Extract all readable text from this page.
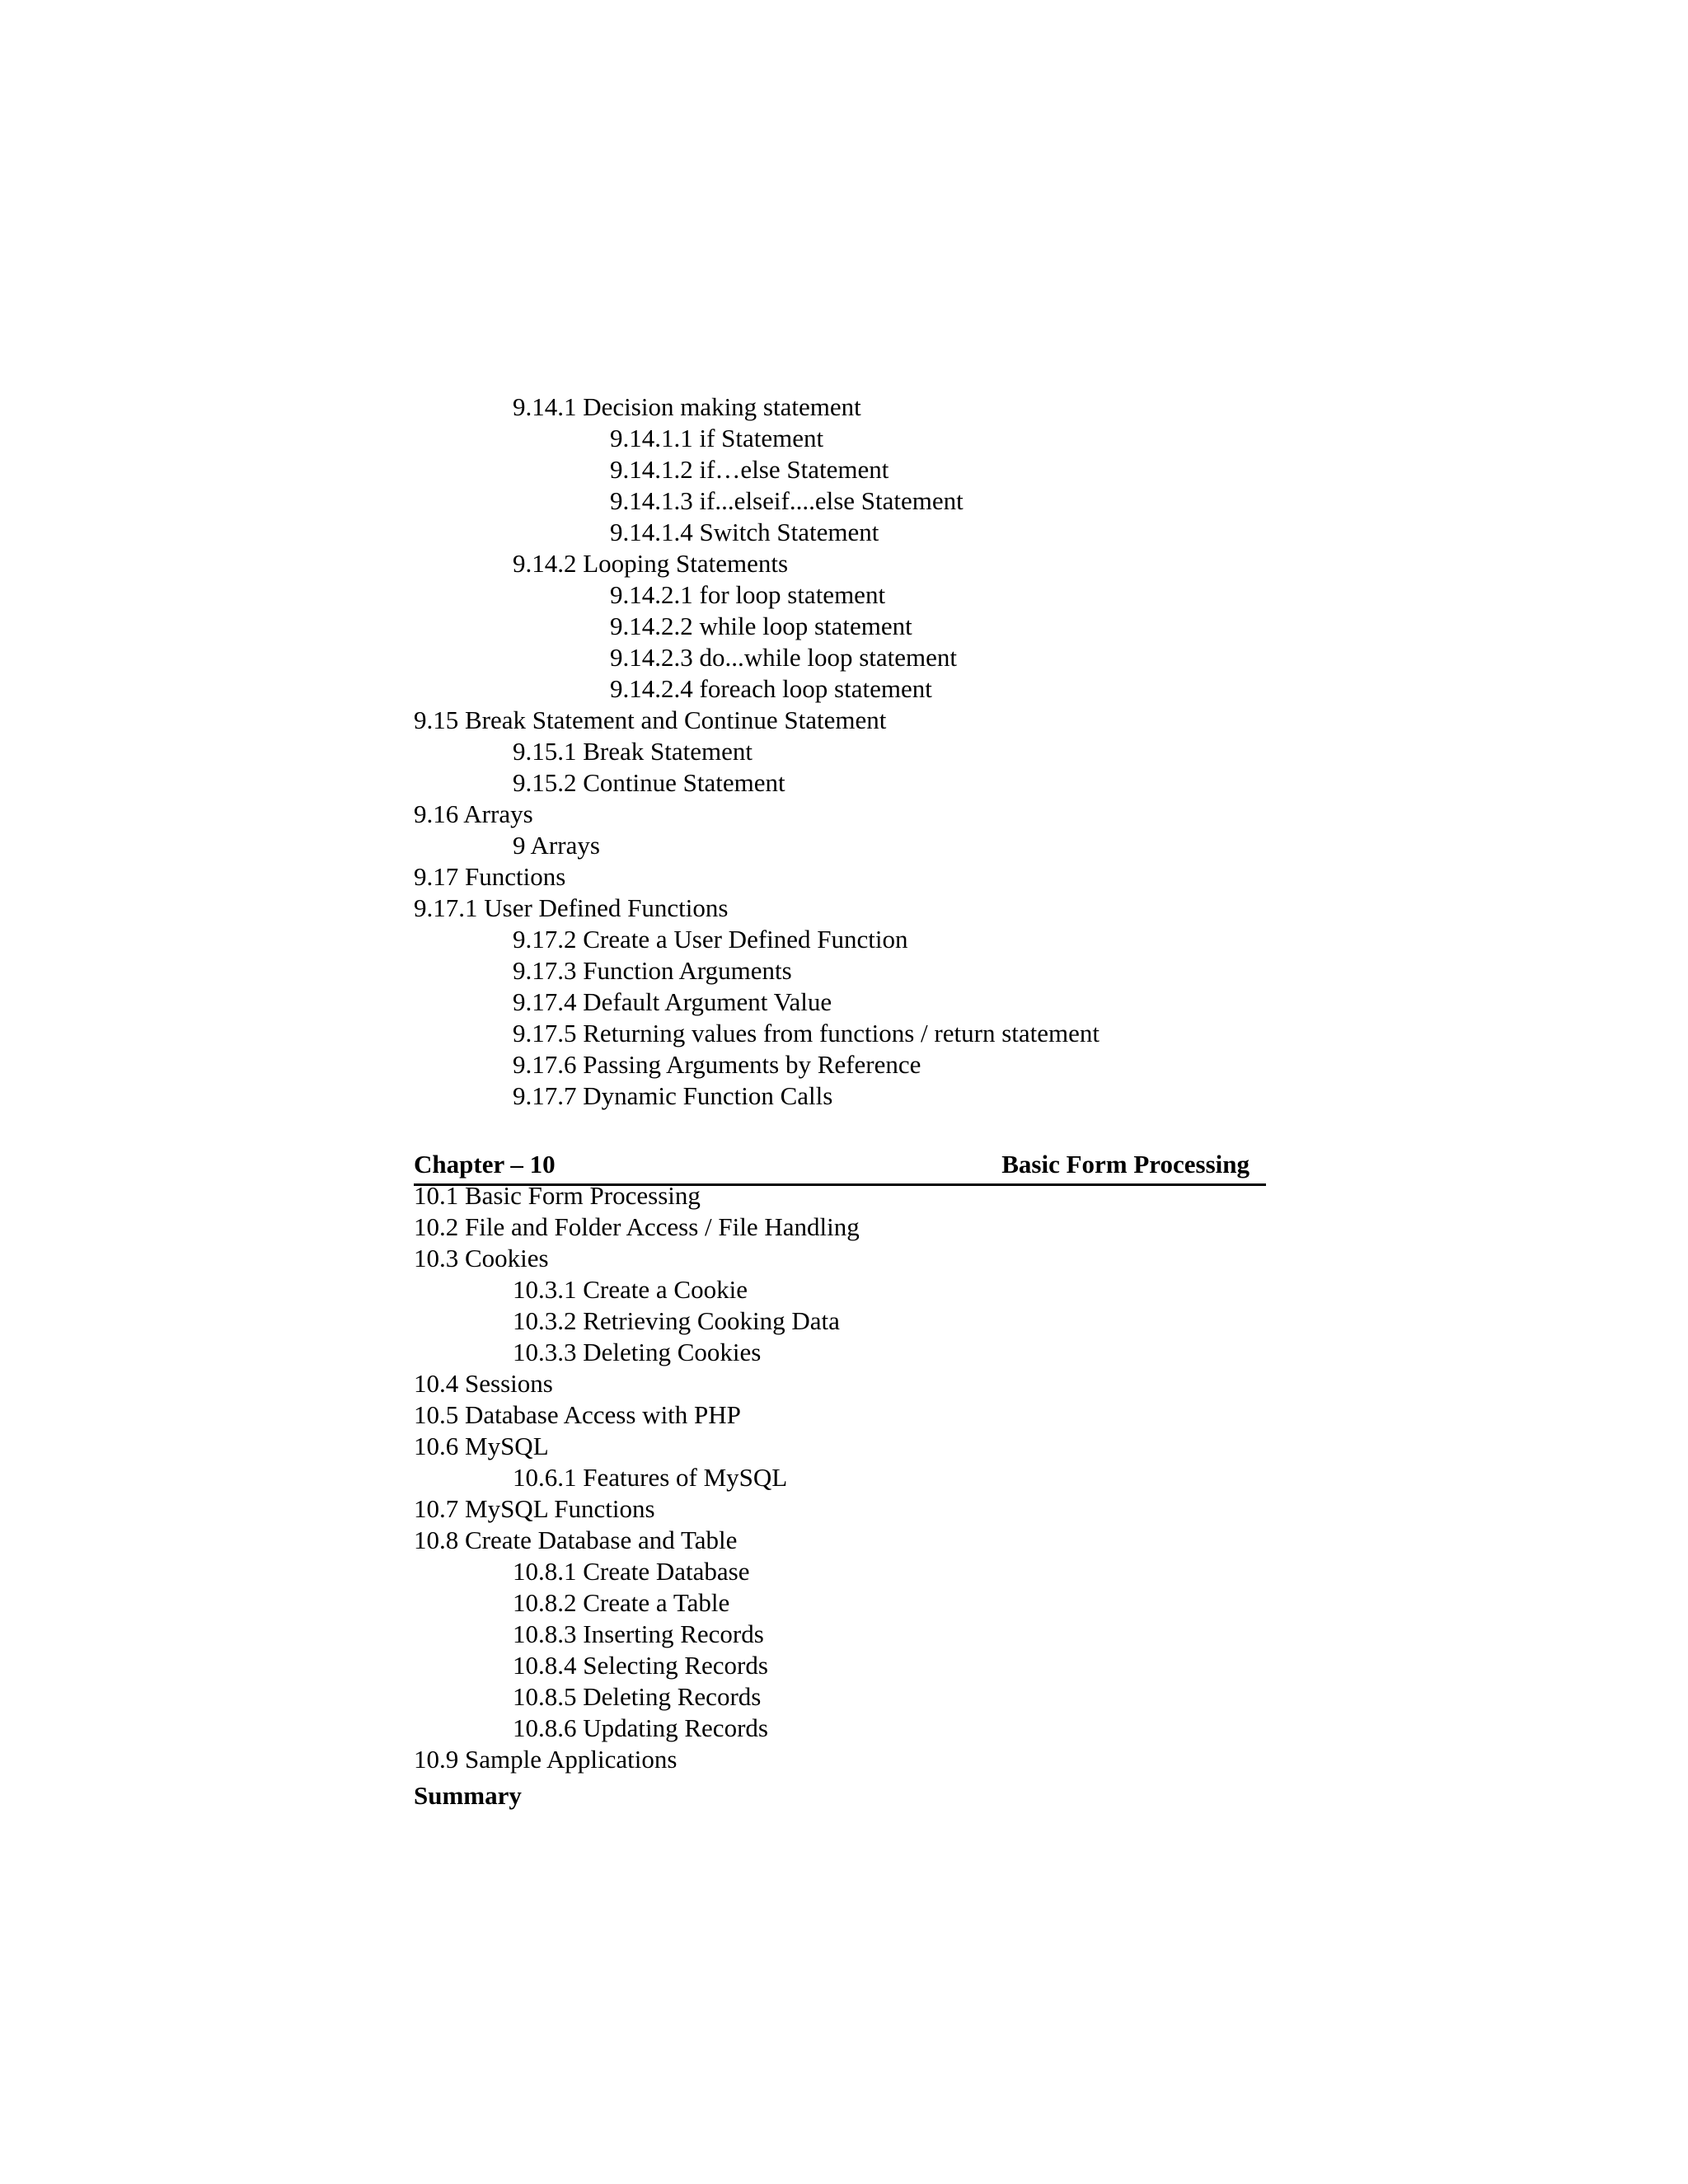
9.14.1 Decision making statement
9.14.1.1 if Statement
9.14.1.2 if…else Statement
9.14.1.3 if...elseif....else Statement
9.14.1.4 Switch Statement
9.14.2 Looping Statements
9.14.2.1 for loop statement
9.14.2.2 while loop statement
9.14.2.3 do...while loop statement
9.14.2.4 foreach loop statement
9.15 Break Statement and Continue Statement
9.15.1 Break Statement
9.15.2 Continue Statement
9.16 Arrays
9 Arrays
9.17 Functions
9.17.1 User Defined Functions
9.17.2 Create a User Defined Function
9.17.3 Function Arguments
9.17.4 Default Argument Value
9.17.5 Returning values from functions / return statement
9.17.6 Passing Arguments by Reference
9.17.7 Dynamic Function Calls
Chapter – 10	Basic Form Processing
10.1 Basic Form Processing
10.2 File and Folder Access / File Handling
10.3 Cookies
10.3.1 Create a Cookie
10.3.2 Retrieving Cooking Data
10.3.3 Deleting Cookies
10.4 Sessions
10.5 Database Access with PHP
10.6 MySQL
10.6.1 Features of MySQL
10.7 MySQL Functions
10.8 Create Database and Table
10.8.1 Create Database
10.8.2 Create a Table
10.8.3 Inserting Records
10.8.4 Selecting Records
10.8.5 Deleting Records
10.8.6 Updating Records
10.9 Sample Applications
Summary
